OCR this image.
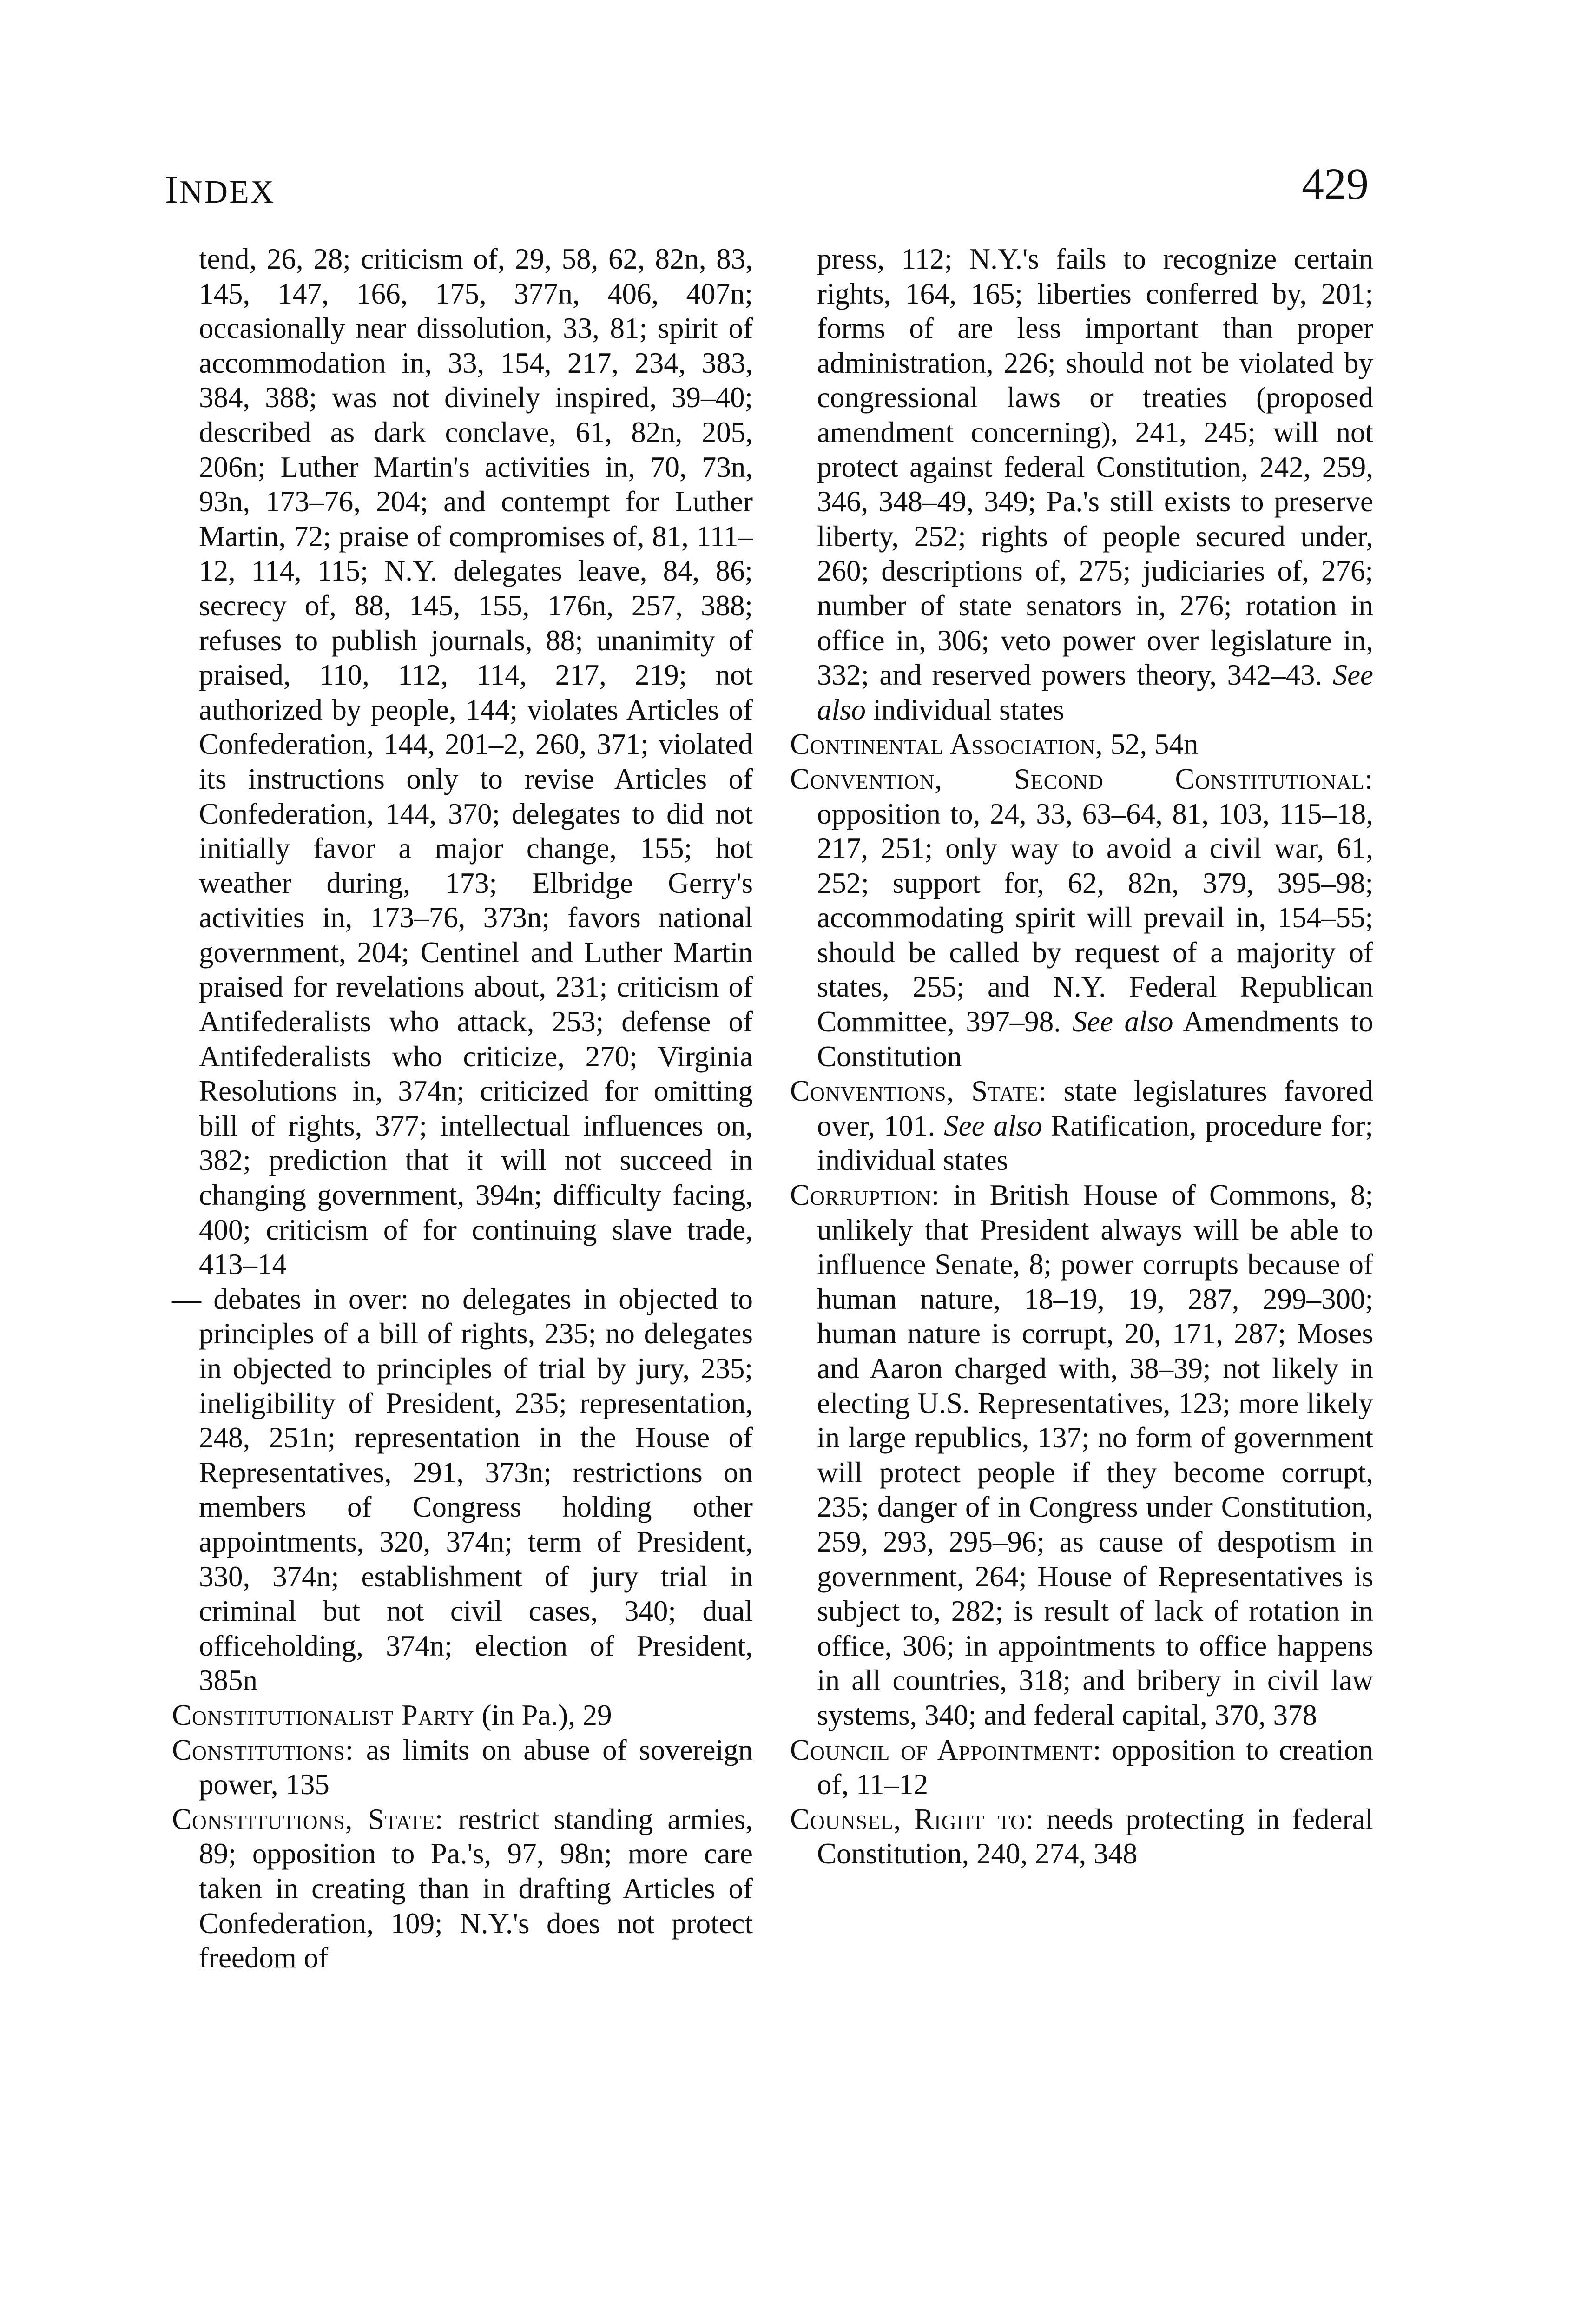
INDEX	429

tend, 26, 28; criticism of, 29, 58, 62, 82n, 83, 145, 147, 166, 175, 377n, 406, 407n; occasionally near dissolution, 33, 81; spirit of accommodation in, 33, 154, 217, 234, 383, 384, 388; was not divinely inspired, 39–40; described as dark conclave, 61, 82n, 205, 206n; Luther Martin's activities in, 70, 73n, 93n, 173–76, 204; and contempt for Luther Martin, 72; praise of compromises of, 81, 111–12, 114, 115; N.Y. delegates leave, 84, 86; secrecy of, 88, 145, 155, 176n, 257, 388; refuses to publish journals, 88; unanimity of praised, 110, 112, 114, 217, 219; not authorized by people, 144; violates Articles of Confederation, 144, 201–2, 260, 371; violated its instructions only to revise Articles of Confederation, 144, 370; delegates to did not initially favor a major change, 155; hot weather during, 173; Elbridge Gerry's activities in, 173–76, 373n; favors national government, 204; Centinel and Luther Martin praised for revelations about, 231; criticism of Antifederalists who attack, 253; defense of Antifederalists who criticize, 270; Virginia Resolutions in, 374n; criticized for omitting bill of rights, 377; intellectual influences on, 382; prediction that it will not succeed in changing government, 394n; difficulty facing, 400; criticism of for continuing slave trade, 413–14

— debates in over: no delegates in objected to principles of a bill of rights, 235; no delegates in objected to principles of trial by jury, 235; ineligibility of President, 235; representation, 248, 251n; representation in the House of Representatives, 291, 373n; restrictions on members of Congress holding other appointments, 320, 374n; term of President, 330, 374n; establishment of jury trial in criminal but not civil cases, 340; dual officeholding, 374n; election of President, 385n

Constitutionalist Party (in Pa.), 29

Constitutions: as limits on abuse of sovereign power, 135

Constitutions, State: restrict standing armies, 89; opposition to Pa.'s, 97, 98n; more care taken in creating than in drafting Articles of Confederation, 109; N.Y.'s does not protect freedom of

press, 112; N.Y.'s fails to recognize certain rights, 164, 165; liberties conferred by, 201; forms of are less important than proper administration, 226; should not be violated by congressional laws or treaties (proposed amendment concerning), 241, 245; will not protect against federal Constitution, 242, 259, 346, 348–49, 349; Pa.'s still exists to preserve liberty, 252; rights of people secured under, 260; descriptions of, 275; judiciaries of, 276; number of state senators in, 276; rotation in office in, 306; veto power over legislature in, 332; and reserved powers theory, 342–43. See also individual states

Continental Association, 52, 54n

Convention, Second Constitutional: opposition to, 24, 33, 63–64, 81, 103, 115–18, 217, 251; only way to avoid a civil war, 61, 252; support for, 62, 82n, 379, 395–98; accommodating spirit will prevail in, 154–55; should be called by request of a majority of states, 255; and N.Y. Federal Republican Committee, 397–98. See also Amendments to Constitution

Conventions, State: state legislatures favored over, 101. See also Ratification, procedure for; individual states

Corruption: in British House of Commons, 8; unlikely that President always will be able to influence Senate, 8; power corrupts because of human nature, 18–19, 19, 287, 299–300; human nature is corrupt, 20, 171, 287; Moses and Aaron charged with, 38–39; not likely in electing U.S. Representatives, 123; more likely in large republics, 137; no form of government will protect people if they become corrupt, 235; danger of in Congress under Constitution, 259, 293, 295–96; as cause of despotism in government, 264; House of Representatives is subject to, 282; is result of lack of rotation in office, 306; in appointments to office happens in all countries, 318; and bribery in civil law systems, 340; and federal capital, 370, 378

Council of Appointment: opposition to creation of, 11–12

Counsel, Right to: needs protecting in federal Constitution, 240, 274, 348
